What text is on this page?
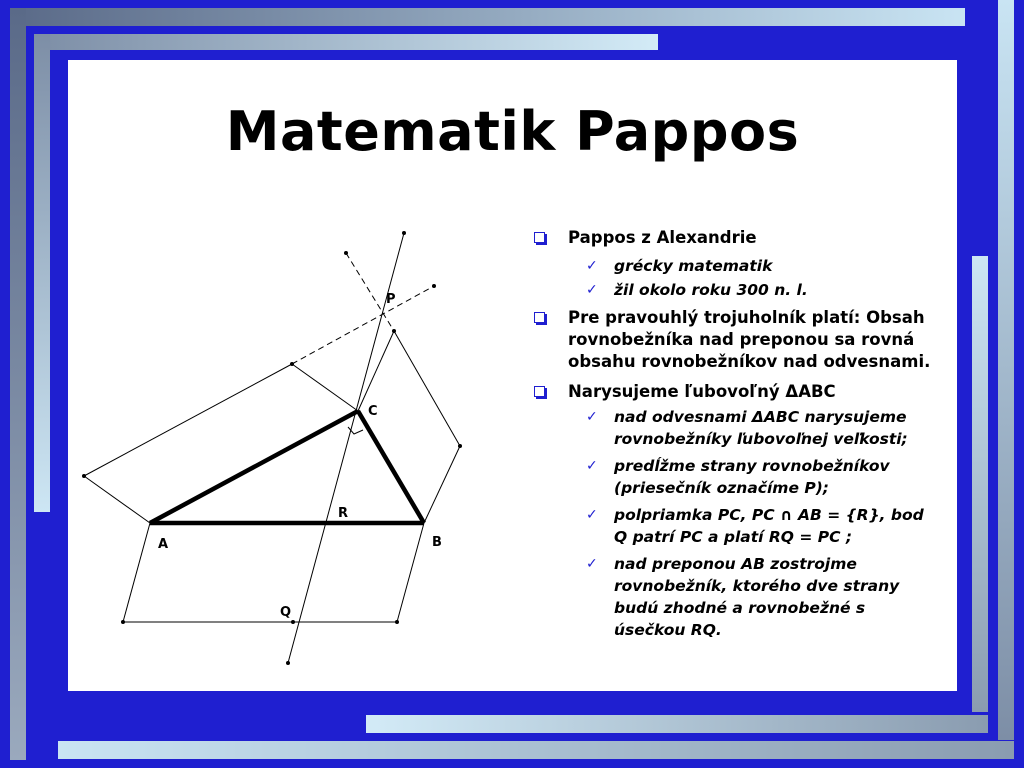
Matematik Pappos
A	B
C
P
R
Q
Pappos z Alexandrie
✓ grécky matematik
✓ žil okolo roku 300 n. l.
Pre pravouhlý trojuholník platí: Obsah rovnobežníka nad preponou sa rovná obsahu rovnobežníkov nad odvesnami.
Narysujeme ľubovoľný ΔABC
✓ nad odvesnami ΔABC narysujeme rovnobežníky ľubovoľnej veľkosti;
✓ predĺžme strany rovnobežníkov (priesečník označíme P);
✓ polpriamka PC, PC ∩ AB = {R}, bod Q patrí PC a platí RQ = PC ;
✓ nad preponou AB zostrojme rovnobežník, ktorého dve strany budú zhodné a rovnobežné s úsečkou RQ.
